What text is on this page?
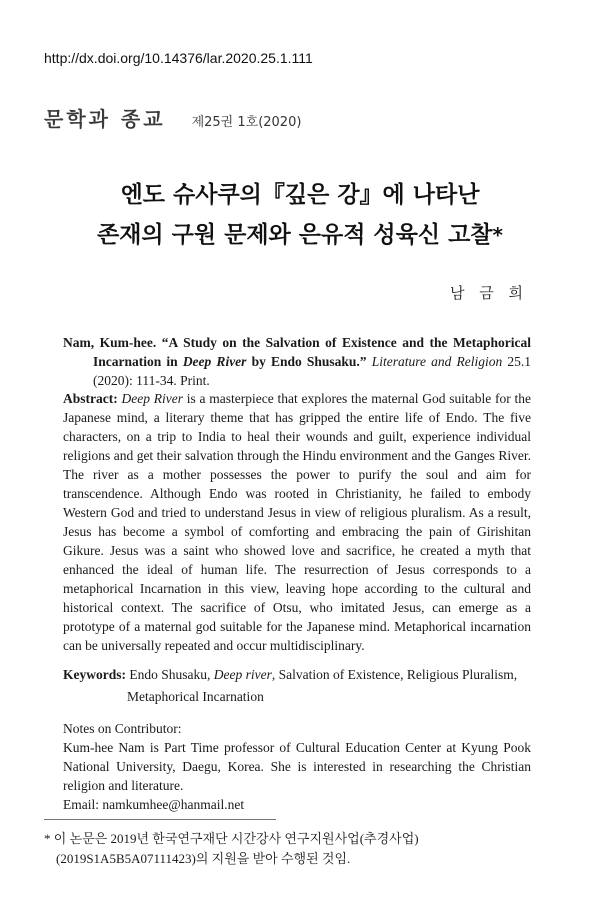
http://dx.doi.org/10.14376/lar.2020.25.1.111
문학과 종교 제25권 1호(2020)
엔도 슈사쿠의『깊은 강』에 나타난
존재의 구원 문제와 은유적 성육신 고찰*
남 금 희
Nam, Kum-hee. “A Study on the Salvation of Existence and the Metaphorical Incarnation in Deep River by Endo Shusaku.” Literature and Religion 25.1 (2020): 111-34. Print.
Abstract: Deep River is a masterpiece that explores the maternal God suitable for the Japanese mind, a literary theme that has gripped the entire life of Endo. The five characters, on a trip to India to heal their wounds and guilt, experience individual religions and get their salvation through the Hindu environment and the Ganges River. The river as a mother possesses the power to purify the soul and aim for transcendence. Although Endo was rooted in Christianity, he failed to embody Western God and tried to understand Jesus in view of religious pluralism. As a result, Jesus has become a symbol of comforting and embracing the pain of Girishitan Gikure. Jesus was a saint who showed love and sacrifice, he created a myth that enhanced the ideal of human life. The resurrection of Jesus corresponds to a metaphorical Incarnation in this view, leaving hope according to the cultural and historical context. The sacrifice of Otsu, who imitated Jesus, can emerge as a prototype of a maternal god suitable for the Japanese mind. Metaphorical incarnation can be universally repeated and occur multidisciplinary.
Keywords: Endo Shusaku, Deep river, Salvation of Existence, Religious Pluralism, Metaphorical Incarnation

Notes on Contributor:

Kum-hee Nam is Part Time professor of Cultural Education Center at Kyung Pook National University, Daegu, Korea. She is interested in researching the Christian religion and literature.

Email: namkumhee@hanmail.net

* 이 논문은 2019년 한국연구재단 시간강사 연구지원사업(추경사업) (2019S1A5B5A07111423)의 지원을 받아 수행된 것임.
